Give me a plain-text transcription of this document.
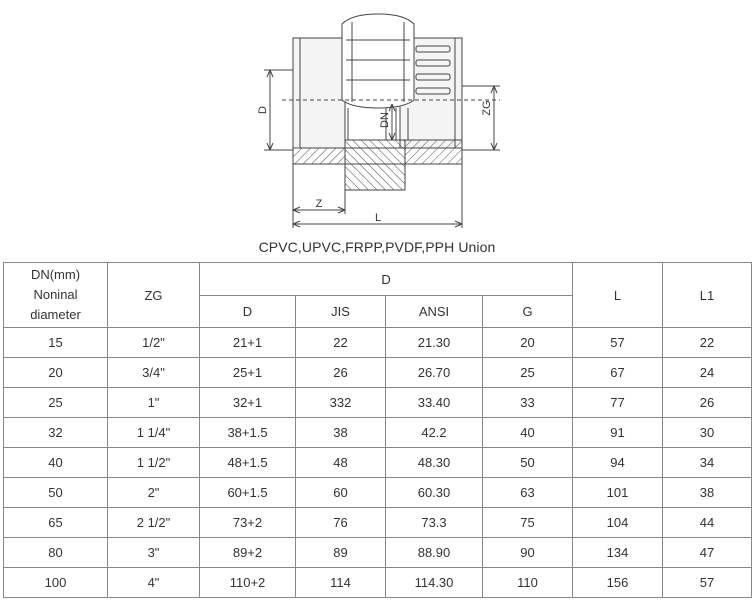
D	ZG
DN
Z
L
CPVC,UPVC,FRPP,PVDF,PPH Union
DN(mm)
Noninal
diameter	ZG	D				L	L1
		D	JIS	ANSI	G		
15	1/2"	21+1	22	21.30	20	57	22
20	3/4"	25+1	26	26.70	25	67	24
25	1"	32+1	332	33.40	33	77	26
32	1 1/4"	38+1.5	38	42.2	40	91	30
40	1 1/2"	48+1.5	48	48.30	50	94	34
50	2"	60+1.5	60	60.30	63	101	38
65	2 1/2"	73+2	76	73.3	75	104	44
80	3"	89+2	89	88.90	90	134	47
100	4"	110+2	114	114.30	110	156	57
